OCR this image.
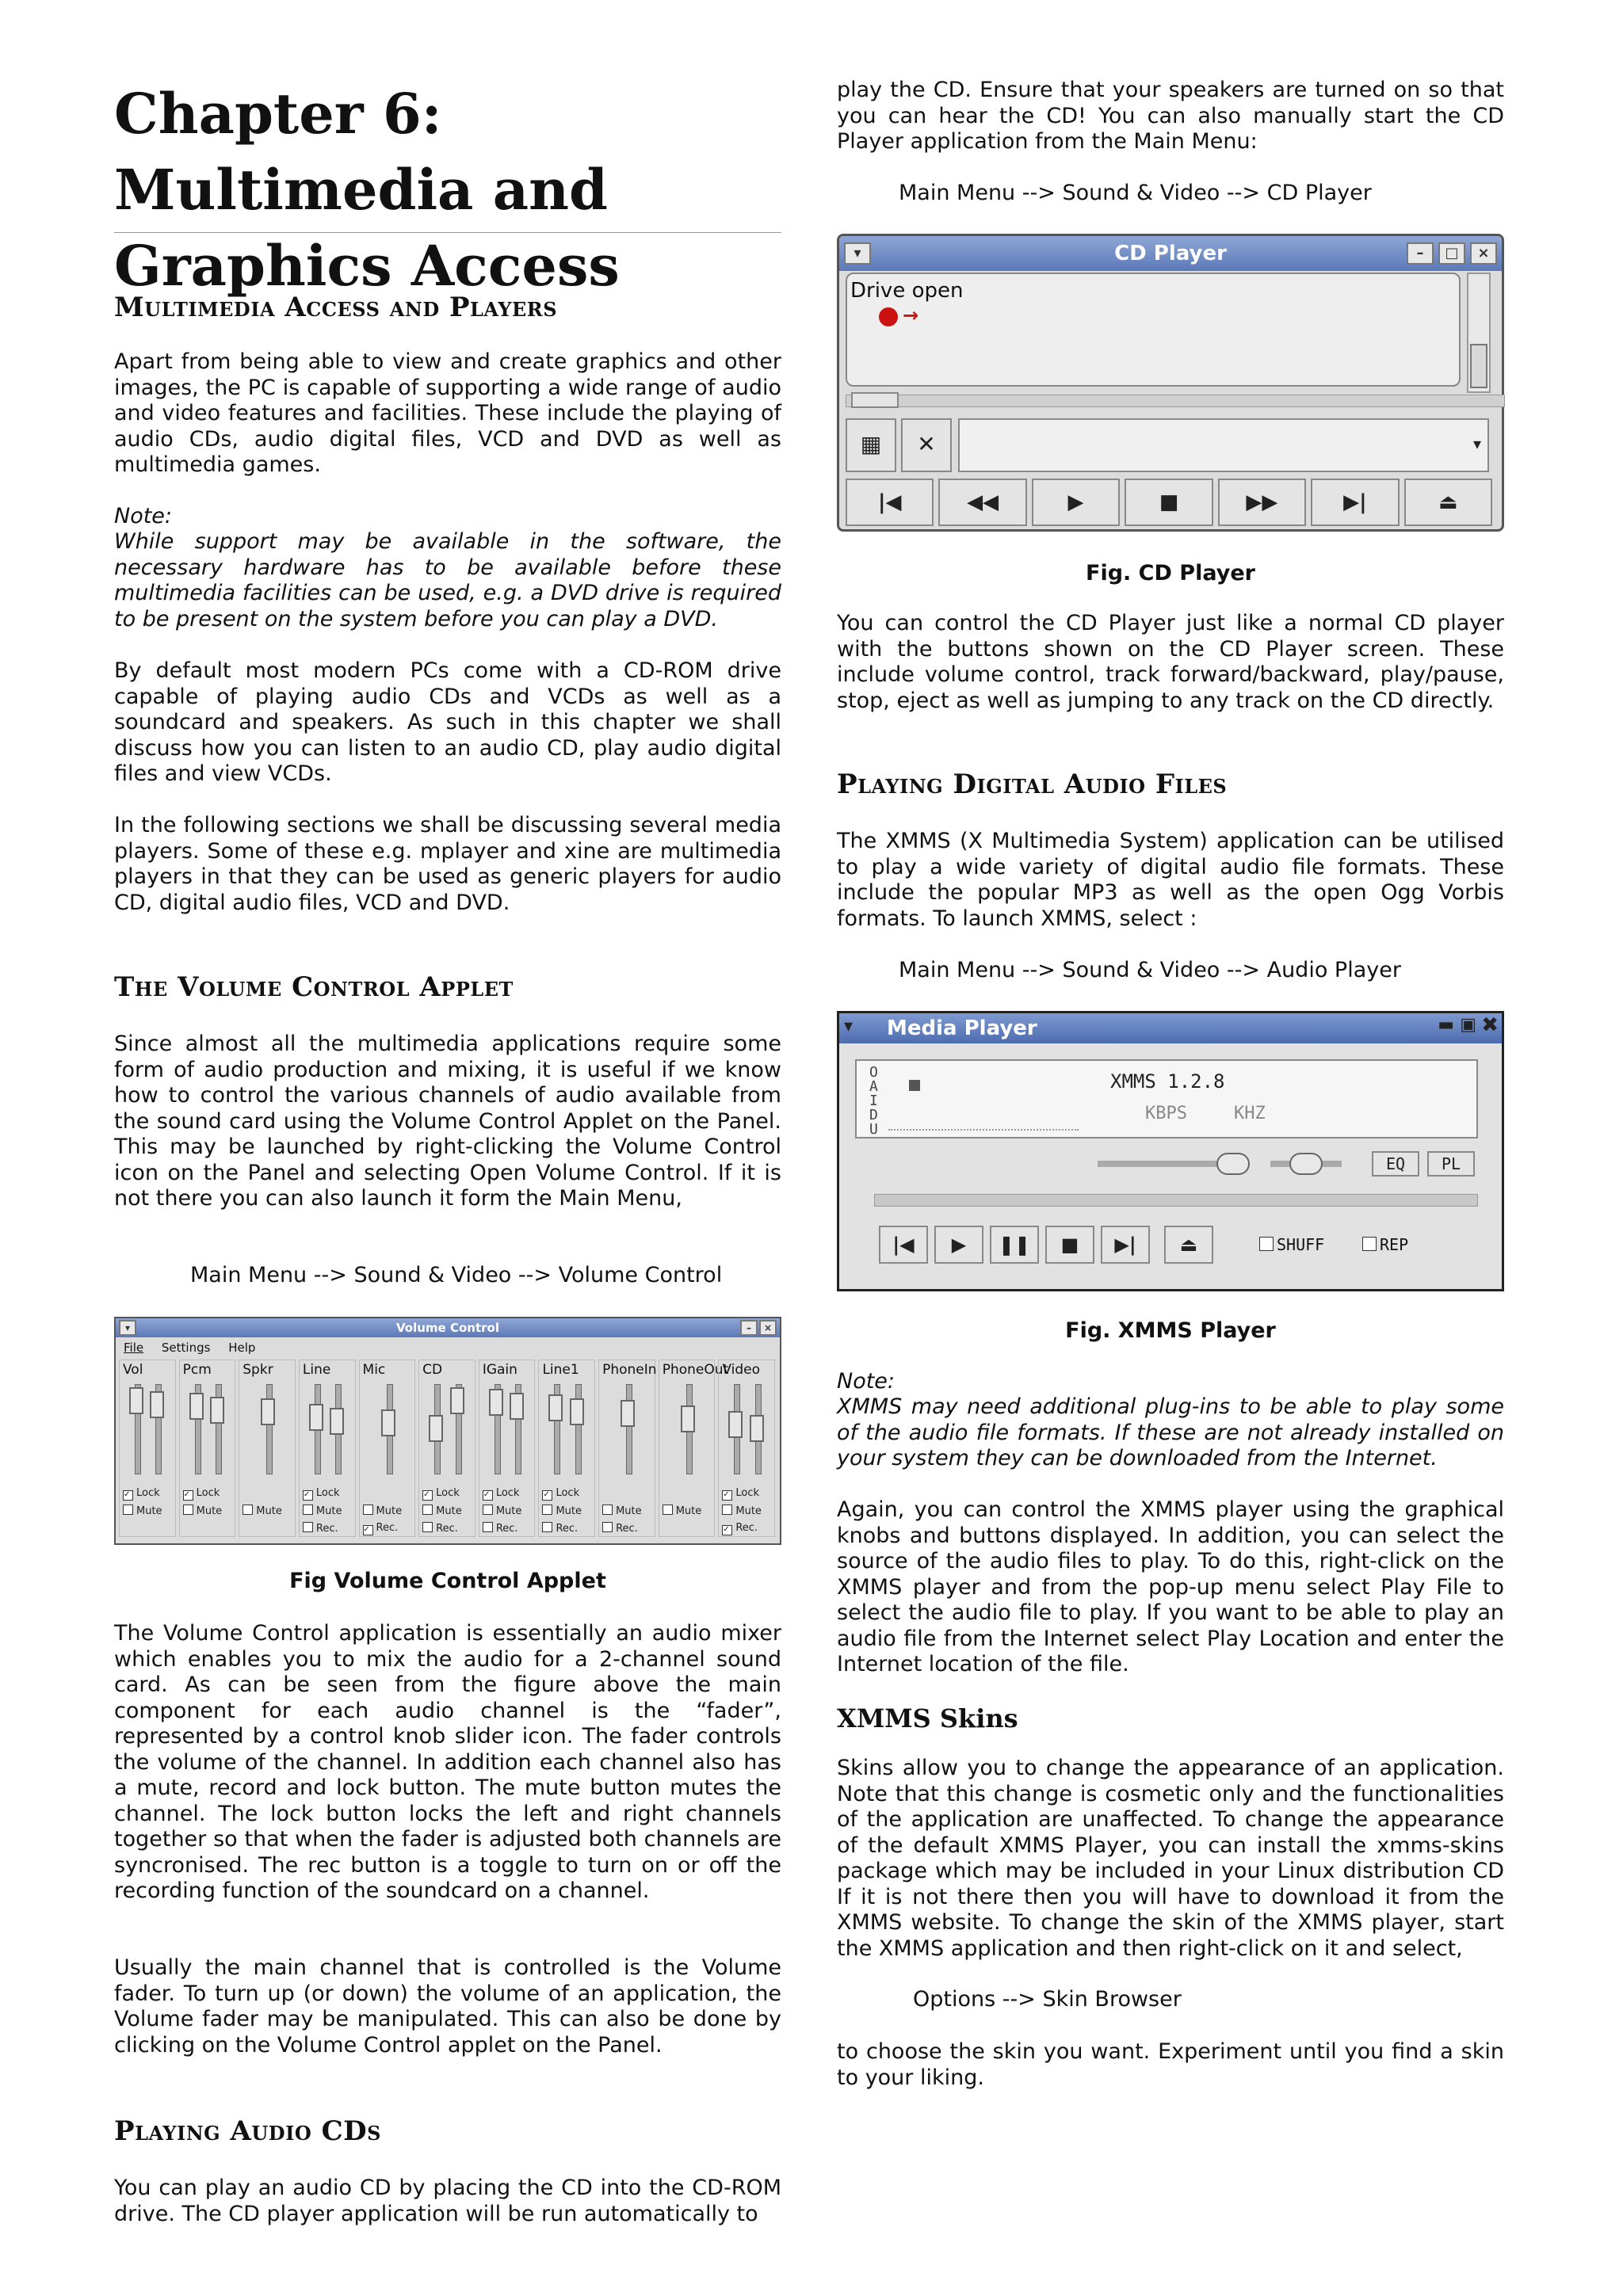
Chapter 6: Multimedia and Graphics Access
Multimedia Access and Players

Apart from being able to view and create graphics and other images, the PC is capable of supporting a wide range of audio and video features and facilities. These include the playing of audio CDs, audio digital files, VCD and DVD as well as multimedia games.

Note:

While support may be available in the software, the necessary hardware has to be available before these multimedia facilities can be used, e.g. a DVD drive is required to be present on the system before you can play a DVD.

By default most modern PCs come with a CD-ROM drive capable of playing audio CDs and VCDs as well as a soundcard and speakers. As such in this chapter we shall discuss how you can listen to an audio CD, play audio digital files and view VCDs.

In the following sections we shall be discussing several media players. Some of these e.g. mplayer and xine are multimedia players in that they can be used as generic players for audio CD, digital audio files, VCD and DVD.

The Volume Control Applet

Since almost all the multimedia applications require some form of audio production and mixing, it is useful if we know how to control the various channels of audio available from the sound card using the Volume Control Applet on the Panel. This may be launched by right-clicking the Volume Control icon on the Panel and selecting Open Volume Control. If it is not there you can also launch it form the Main Menu,

Main Menu --> Sound & Video --> Volume Control
Volume Control
▾	–	×
File Settings Help
Vol
✓ Lock
Mute
Pcm
✓ Lock
Mute
Spkr
Mute
Line
✓ Lock
Mute
Rec.
Mic
Mute
✓ Rec.
CD
✓ Lock
Mute
Rec.
IGain
✓ Lock
Mute
Rec.
Line1
✓ Lock
Mute
Rec.
PhoneIn
Mute
Rec.
PhoneOut
Mute
Video
✓ Lock
Mute
✓ Rec.
Fig Volume Control Applet

The Volume Control application is essentially an audio mixer which enables you to mix the audio for a 2-channel sound card. As can be seen from the figure above the main component for each audio channel is the “fader”, represented by a control knob slider icon. The fader controls the volume of the channel. In addition each channel also has a mute, record and lock button. The mute button mutes the channel. The lock button locks the left and right channels together so that when the fader is adjusted both channels are syncronised. The rec button is a toggle to turn on or off the recording function of the soundcard on a channel.

Usually the main channel that is controlled is the Volume fader. To turn up (or down) the volume of an application, the Volume fader may be manipulated. This can also be done by clicking on the Volume Control applet on the Panel.

Playing Audio CDs

You can play an audio CD by placing the CD into the CD-ROM drive. The CD player application will be run automatically to

play the CD. Ensure that your speakers are turned on so that you can hear the CD! You can also manually start the CD Player application from the Main Menu:

Main Menu --> Sound & Video --> CD Player
CD Player
▾	–	□	×
Drive open
→
▦	✕	▾
|◀	◀◀	▶	■	▶▶	▶|	⏏
Fig. CD Player

You can control the CD Player just like a normal CD player with the buttons shown on the CD Player screen. These include volume control, track forward/backward, play/pause, stop, eject as well as jumping to any track on the CD directly.

Playing Digital Audio Files

The XMMS (X Multimedia System) application can be utilised to play a wide variety of digital audio file formats. These include the popular MP3 as well as the open Ogg Vorbis formats. To launch XMMS, select :

Main Menu --> Sound & Video --> Audio Player
Media Player
▾	▬ ▣ ✖
O A I D U
XMMS 1.2.8
KBPS	KHZ
EQ	PL
|◀	▶	❚❚	■	▶|	⏏	SHUFF	REP
Fig. XMMS Player

Note:

XMMS may need additional plug-ins to be able to play some of the audio file formats. If these are not already installed on your system they can be downloaded from the Internet.

Again, you can control the XMMS player using the graphical knobs and buttons displayed. In addition, you can select the source of the audio files to play. To do this, right-click on the XMMS player and from the pop-up menu select Play File to select the audio file to play. If you want to be able to play an audio file from the Internet select Play Location and enter the Internet location of the file.

XMMS Skins

Skins allow you to change the appearance of an application. Note that this change is cosmetic only and the functionalities of the application are unaffected. To change the appearance of the default XMMS Player, you can install the xmms-skins package which may be included in your Linux distribution CD If it is not there then you will have to download it from the XMMS website. To change the skin of the XMMS player, start the XMMS application and then right-click on it and select,

Options --> Skin Browser

to choose the skin you want. Experiment until you find a skin to your liking.
